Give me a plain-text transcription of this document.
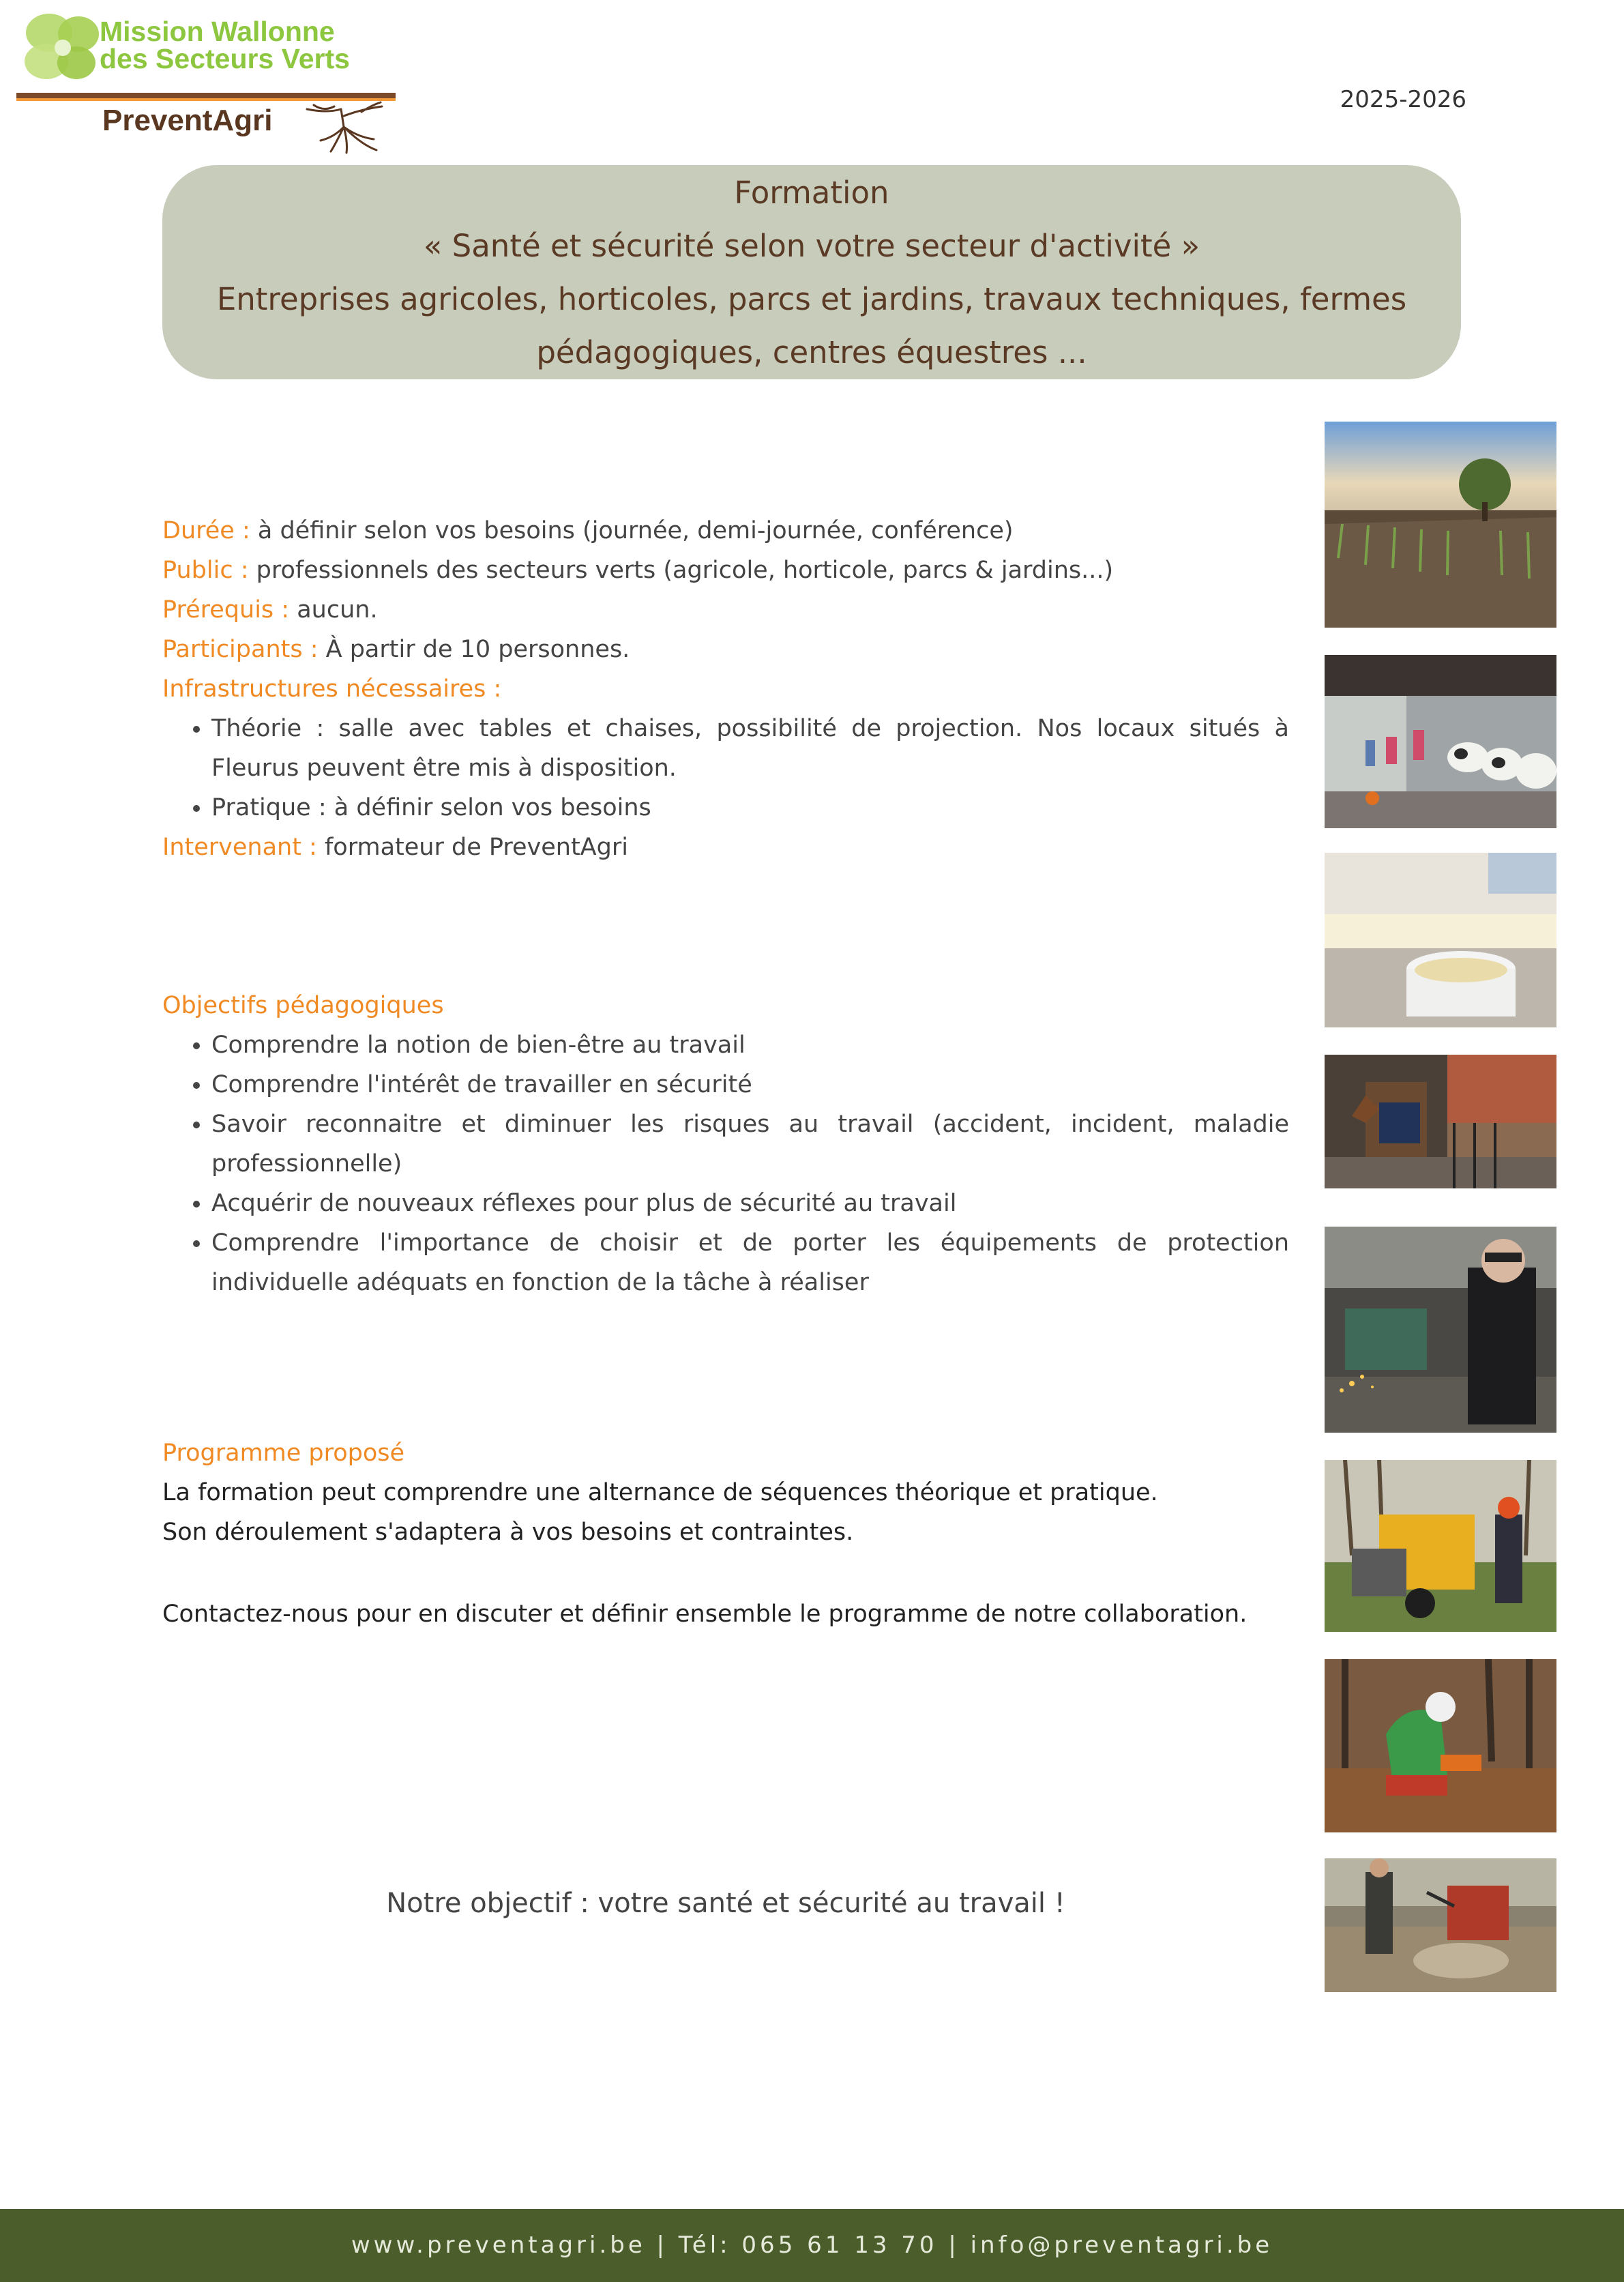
Mission Wallonne
des Secteurs Verts
PreventAgri
2025-2026
Formation
« Santé et sécurité selon votre secteur d'activité »
Entreprises agricoles, horticoles, parcs et jardins, travaux techniques, fermes
pédagogiques, centres équestres ...
Durée : à définir selon vos besoins (journée, demi-journée, conférence)
Public : professionnels des secteurs verts (agricole, horticole, parcs & jardins...)
Prérequis : aucun.
Participants : À partir de 10 personnes.
Infrastructures nécessaires :
• Théorie : salle avec tables et chaises, possibilité de projection. Nos locaux situés à Fleurus peuvent être mis à disposition.
• Pratique : à définir selon vos besoins
Intervenant : formateur de PreventAgri
Objectifs pédagogiques
• Comprendre la notion de bien-être au travail
• Comprendre l'intérêt de travailler en sécurité
• Savoir reconnaitre et diminuer les risques au travail (accident, incident, maladie professionnelle)
• Acquérir de nouveaux réflexes pour plus de sécurité au travail
• Comprendre l'importance de choisir et de porter les équipements de protection individuelle adéquats en fonction de la tâche à réaliser
Programme proposé
La formation peut comprendre une alternance de séquences théorique et pratique.
Son déroulement s'adaptera à vos besoins et contraintes.
Contactez-nous pour en discuter et définir ensemble le programme de notre collaboration.
Notre objectif : votre santé et sécurité au travail !
www.preventagri.be | Tél: 065 61 13 70 | info@preventagri.be
